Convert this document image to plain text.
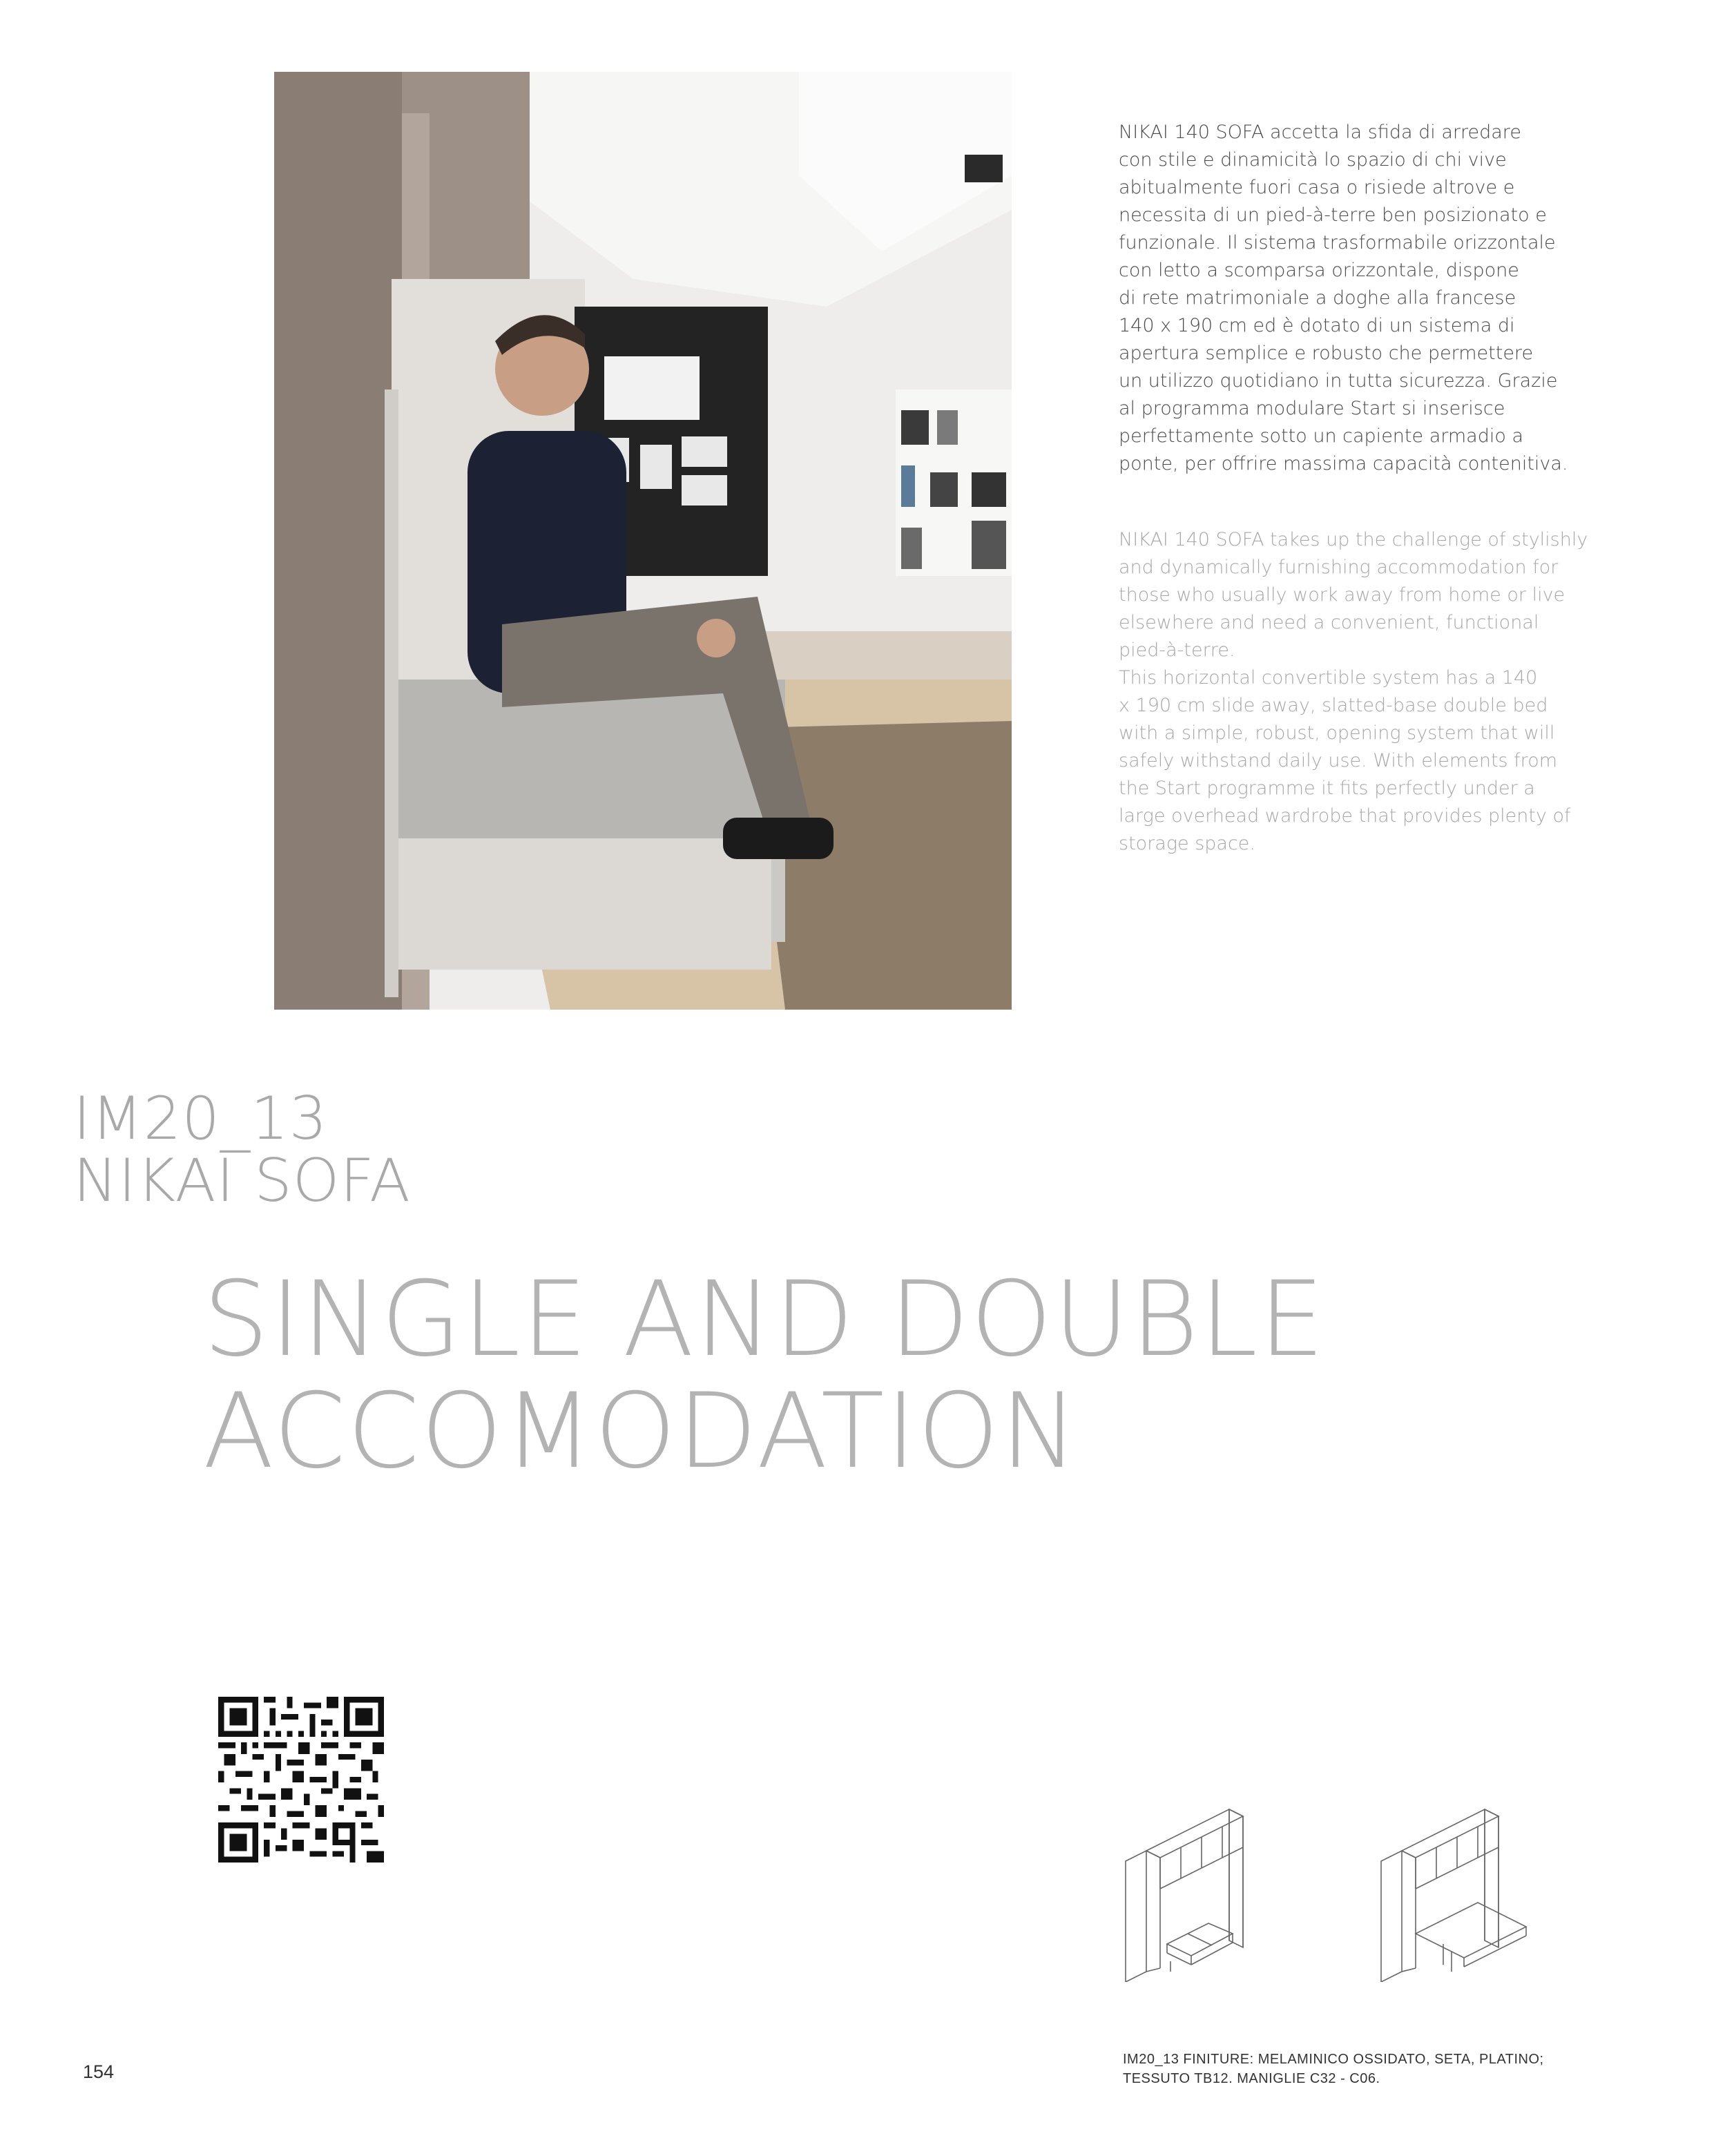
NIKAI 140 SOFA accetta la sfida di arredare

con stile e dinamicità lo spazio di chi vive

abitualmente fuori casa o risiede altrove e

necessita di un pied-à-terre ben posizionato e

funzionale. Il sistema trasformabile orizzontale

con letto a scomparsa orizzontale, dispone

di rete matrimoniale a doghe alla francese

140 x 190 cm ed è dotato di un sistema di

apertura semplice e robusto che permettere

un utilizzo quotidiano in tutta sicurezza. Grazie

al programma modulare Start si inserisce

perfettamente sotto un capiente armadio a

ponte, per offrire massima capacità contenitiva.

NIKAI 140 SOFA takes up the challenge of stylishly

and dynamically furnishing accommodation for

those who usually work away from home or live

elsewhere and need a convenient, functional

pied-à-terre.

This horizontal convertible system has a 140

x 190 cm slide away, slatted-base double bed

with a simple, robust, opening system that will

safely withstand daily use. With elements from

the Start programme it fits perfectly under a

large overhead wardrobe that provides plenty of

storage space.

IM20_13
NIKAI SOFA
SINGLE AND DOUBLE
ACCOMODATION
154
IM20_13 FINITURE: MELAMINICO OSSIDATO, SETA, PLATINO;
TESSUTO TB12. MANIGLIE C32 - C06.
